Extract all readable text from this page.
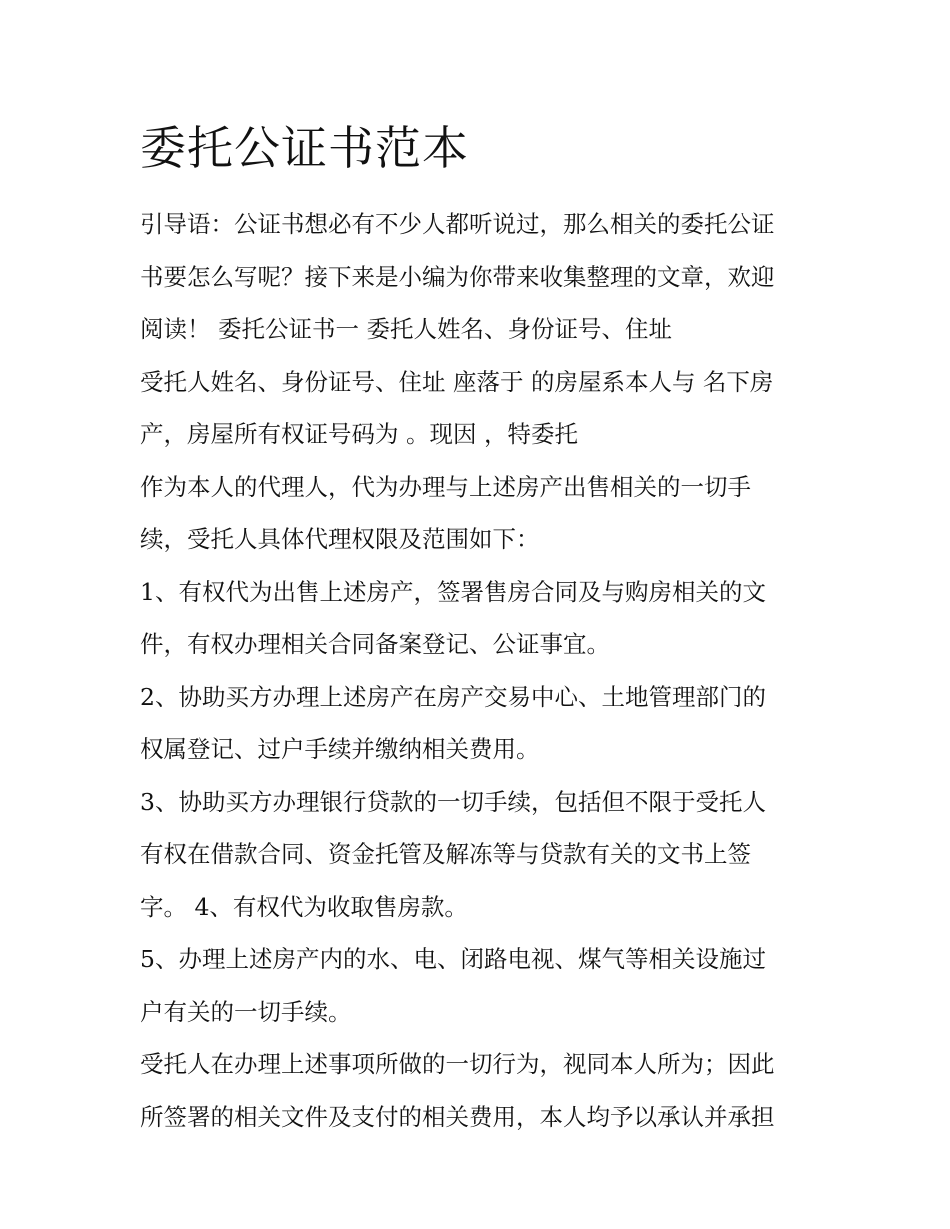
委托公证书范本
引导语：公证书想必有不少人都听说过，那么相关的委托公证
书要怎么写呢？接下来是小编为你带来收集整理的文章，欢迎
阅读！ 委托公证书一 委托人姓名、身份证号、住址
受托人姓名、身份证号、住址 座落于 的房屋系本人与 名下房
产，房屋所有权证号码为 。现因 ，特委托
作为本人的代理人，代为办理与上述房产出售相关的一切手
续，受托人具体代理权限及范围如下：
1、有权代为出售上述房产，签署售房合同及与购房相关的文
件，有权办理相关合同备案登记、公证事宜。
2、协助买方办理上述房产在房产交易中心、土地管理部门的
权属登记、过户手续并缴纳相关费用。
3、协助买方办理银行贷款的一切手续，包括但不限于受托人
有权在借款合同、资金托管及解冻等与贷款有关的文书上签
字。 4、有权代为收取售房款。
5、办理上述房产内的水、电、闭路电视、煤气等相关设施过
户有关的一切手续。
受托人在办理上述事项所做的一切行为，视同本人所为；因此
所签署的相关文件及支付的相关费用，本人均予以承认并承担
